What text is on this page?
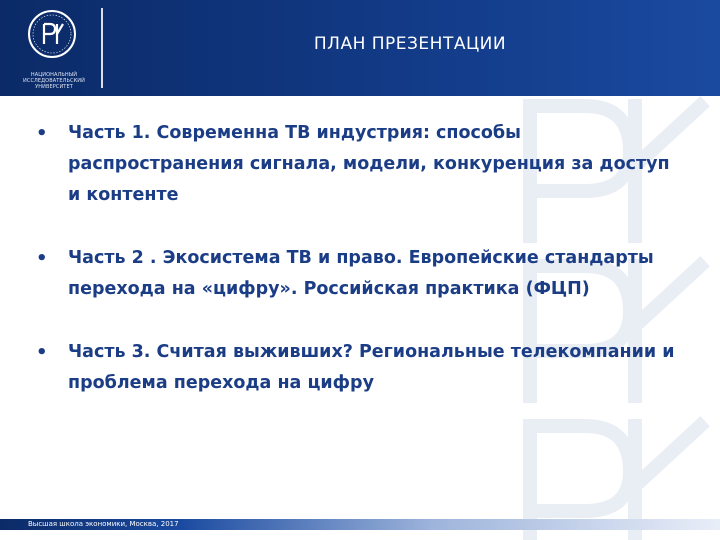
НАЦИОНАЛЬНЫЙ ИССЛЕДОВАТЕЛЬСКИЙ УНИВЕРСИТЕТ
ПЛАН ПРЕЗЕНТАЦИИ
• Часть 1. Современна ТВ индустрия: способы распространения сигнала, модели, конкуренция за доступ и контенте
• Часть 2 . Экосистема ТВ и право. Европейские стандарты перехода на «цифру». Российская практика (ФЦП)
• Часть 3. Считая выживших? Региональные телекомпании и проблема перехода на цифру
Высшая школа экономики, Москва, 2017
